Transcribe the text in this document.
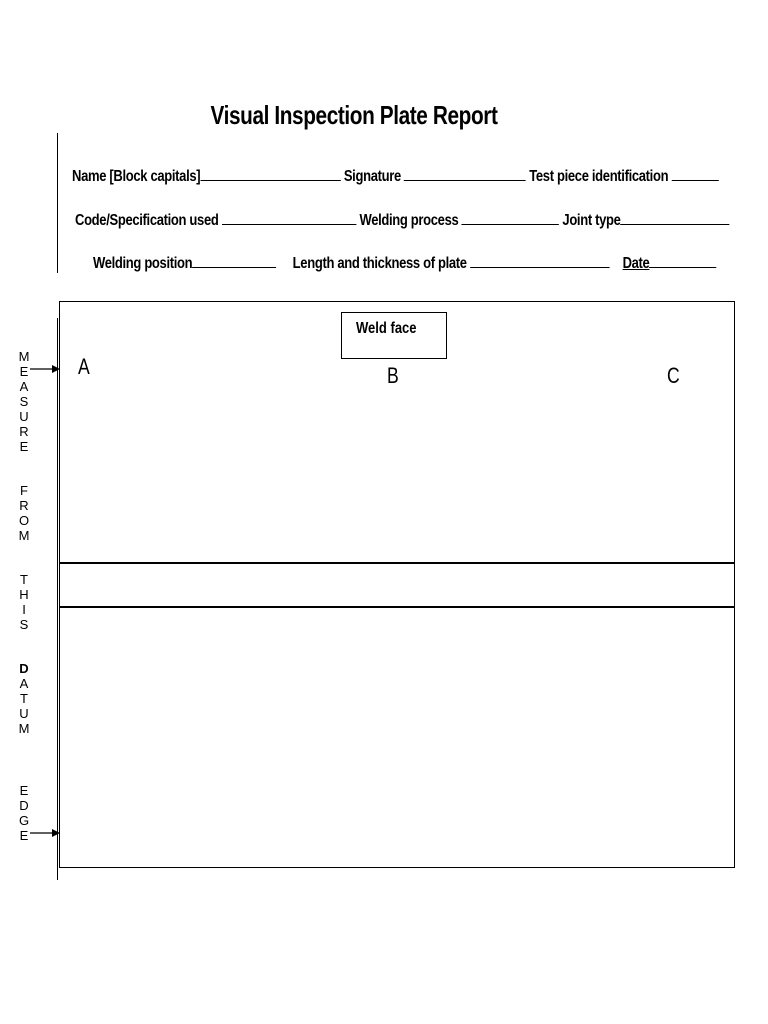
Visual Inspection Plate Report
Name [Block capitals]	Signature	Test piece identification
Code/Specification used	Welding process	Joint type
Welding position	Length and thickness of plate	Date
Weld face
A	B	C
M
E
A
S
U
R
E
F
R
O
M
T
H
I
S
D
A
T
U
M
E
D
G
E
